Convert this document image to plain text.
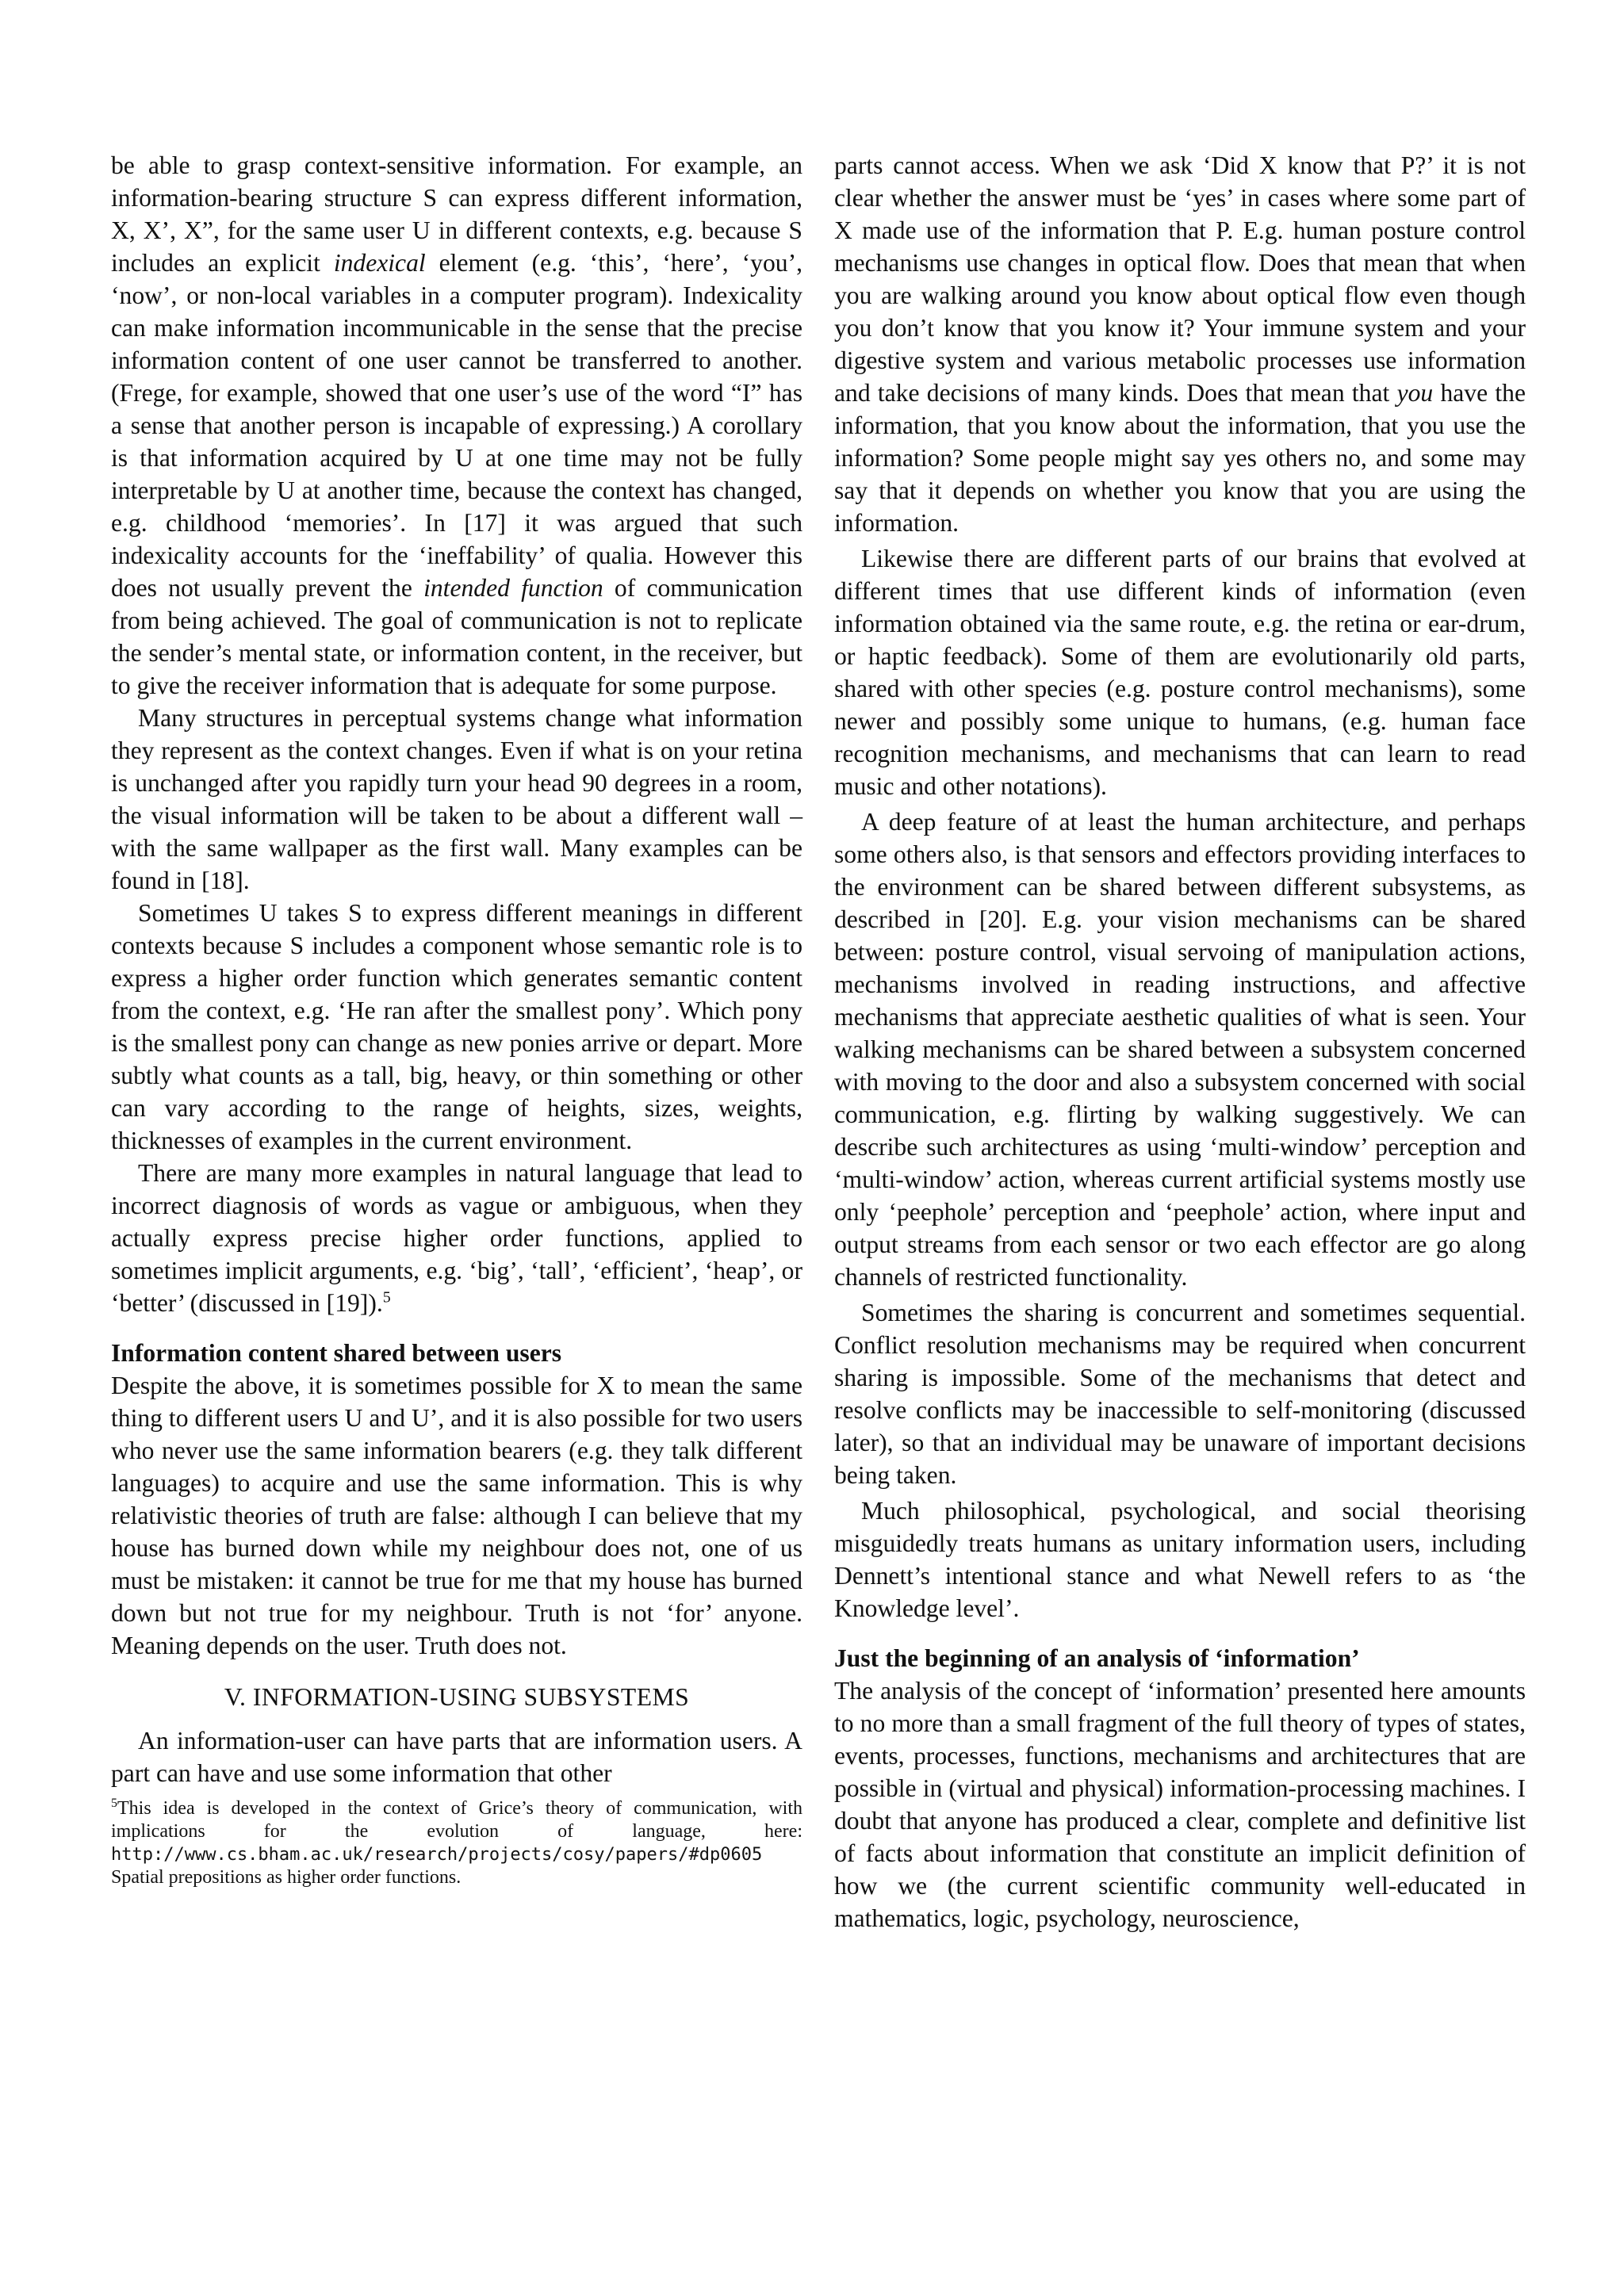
be able to grasp context-sensitive information. For example, an information-bearing structure S can express different information, X, X’, X”, for the same user U in different contexts, e.g. because S includes an explicit indexical element (e.g. ‘this’, ‘here’, ‘you’, ‘now’, or non-local variables in a computer program). Indexicality can make information incommunicable in the sense that the precise information content of one user cannot be transferred to another. (Frege, for example, showed that one user’s use of the word “I” has a sense that another person is incapable of expressing.) A corollary is that information acquired by U at one time may not be fully interpretable by U at another time, because the context has changed, e.g. childhood ‘memories’. In [17] it was argued that such indexicality accounts for the ‘ineffability’ of qualia. However this does not usually prevent the intended function of communication from being achieved. The goal of communication is not to replicate the sender’s mental state, or information content, in the receiver, but to give the receiver information that is adequate for some purpose.

Many structures in perceptual systems change what information they represent as the context changes. Even if what is on your retina is unchanged after you rapidly turn your head 90 degrees in a room, the visual information will be taken to be about a different wall – with the same wallpaper as the first wall. Many examples can be found in [18].

Sometimes U takes S to express different meanings in different contexts because S includes a component whose semantic role is to express a higher order function which generates semantic content from the context, e.g. ‘He ran after the smallest pony’. Which pony is the smallest pony can change as new ponies arrive or depart. More subtly what counts as a tall, big, heavy, or thin something or other can vary according to the range of heights, sizes, weights, thicknesses of examples in the current environment.

There are many more examples in natural language that lead to incorrect diagnosis of words as vague or ambiguous, when they actually express precise higher order functions, applied to sometimes implicit arguments, e.g. ‘big’, ‘tall’, ‘efficient’, ‘heap’, or ‘better’ (discussed in [19]).$^5$

Information content shared between users

Despite the above, it is sometimes possible for X to mean the same thing to different users U and U’, and it is also possible for two users who never use the same information bearers (e.g. they talk different languages) to acquire and use the same information. This is why relativistic theories of truth are false: although I can believe that my house has burned down while my neighbour does not, one of us must be mistaken: it cannot be true for me that my house has burned down but not true for my neighbour. Truth is not ‘for’ anyone. Meaning depends on the user. Truth does not.

V. INFORMATION-USING SUBSYSTEMS

An information-user can have parts that are information users. A part can have and use some information that other

$^5$This idea is developed in the context of Grice’s theory of communication, with implications for the evolution of language, here: http://www.cs.bham.ac.uk/research/projects/cosy/papers/#dp0605 Spatial prepositions as higher order functions.

parts cannot access. When we ask ‘Did X know that P?’ it is not clear whether the answer must be ‘yes’ in cases where some part of X made use of the information that P. E.g. human posture control mechanisms use changes in optical flow. Does that mean that when you are walking around you know about optical flow even though you don’t know that you know it? Your immune system and your digestive system and various metabolic processes use information and take decisions of many kinds. Does that mean that you have the information, that you know about the information, that you use the information? Some people might say yes others no, and some may say that it depends on whether you know that you are using the information.

Likewise there are different parts of our brains that evolved at different times that use different kinds of information (even information obtained via the same route, e.g. the retina or ear-drum, or haptic feedback). Some of them are evolutionarily old parts, shared with other species (e.g. posture control mechanisms), some newer and possibly some unique to humans, (e.g. human face recognition mechanisms, and mechanisms that can learn to read music and other notations).

A deep feature of at least the human architecture, and perhaps some others also, is that sensors and effectors providing interfaces to the environment can be shared between different subsystems, as described in [20]. E.g. your vision mechanisms can be shared between: posture control, visual servoing of manipulation actions, mechanisms involved in reading instructions, and affective mechanisms that appreciate aesthetic qualities of what is seen. Your walking mechanisms can be shared between a subsystem concerned with moving to the door and also a subsystem concerned with social communication, e.g. flirting by walking suggestively. We can describe such architectures as using ‘multi-window’ perception and ‘multi-window’ action, whereas current artificial systems mostly use only ‘peephole’ perception and ‘peephole’ action, where input and output streams from each sensor or two each effector are go along channels of restricted functionality.

Sometimes the sharing is concurrent and sometimes sequential. Conflict resolution mechanisms may be required when concurrent sharing is impossible. Some of the mechanisms that detect and resolve conflicts may be inaccessible to self-monitoring (discussed later), so that an individual may be unaware of important decisions being taken.

Much philosophical, psychological, and social theorising misguidedly treats humans as unitary information users, including Dennett’s intentional stance and what Newell refers to as ‘the Knowledge level’.

Just the beginning of an analysis of ‘information’

The analysis of the concept of ‘information’ presented here amounts to no more than a small fragment of the full theory of types of states, events, processes, functions, mechanisms and architectures that are possible in (virtual and physical) information-processing machines. I doubt that anyone has produced a clear, complete and definitive list of facts about information that constitute an implicit definition of how we (the current scientific community well-educated in mathematics, logic, psychology, neuroscience,
